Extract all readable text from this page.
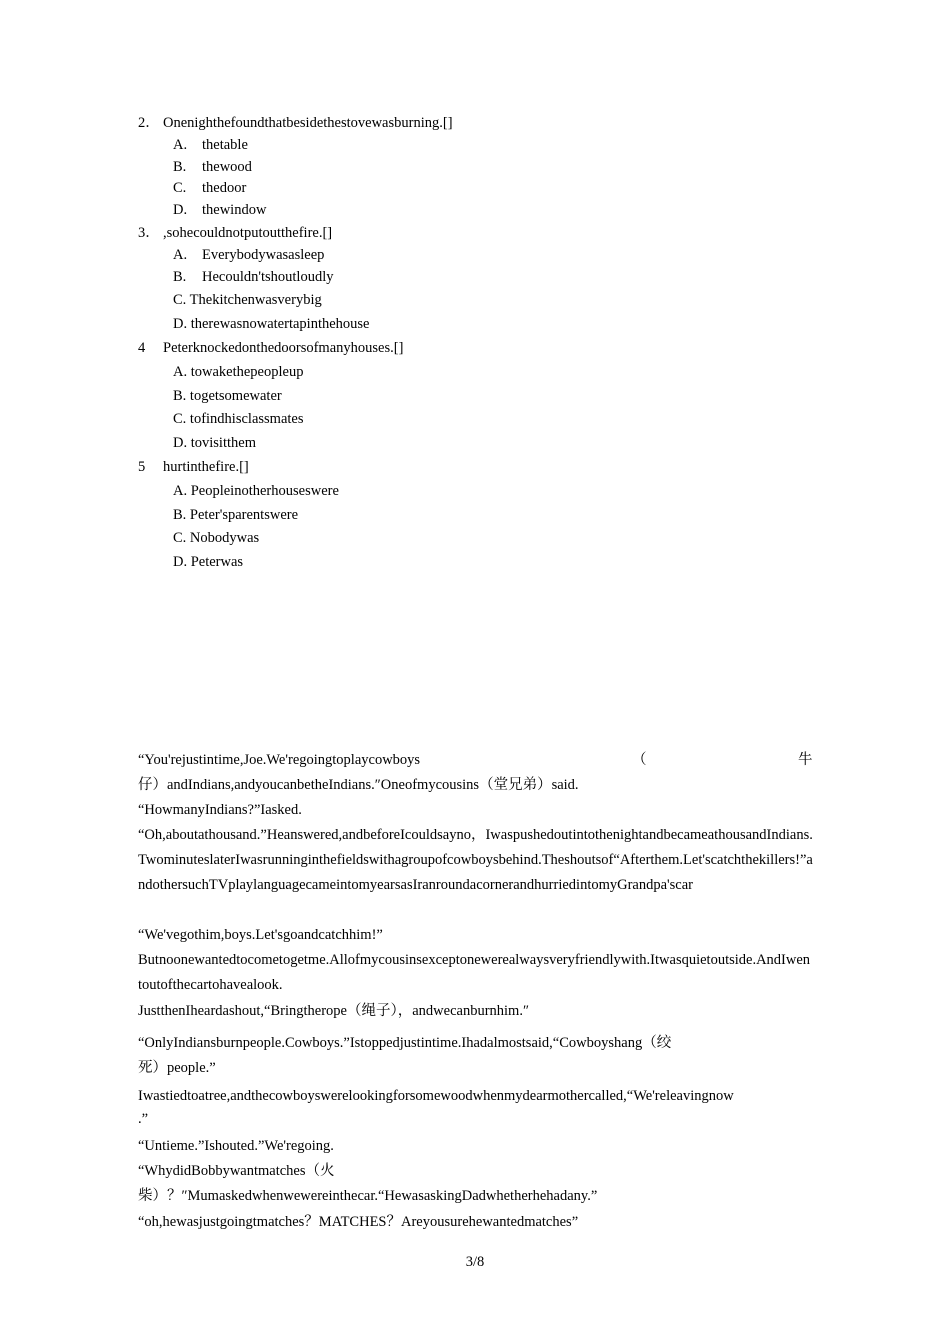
2． Onenighthefoundthatbesidethestovewasburning.[]
A. thetable
B. thewood
C. thedoor
D. thewindow
3． ,sohecouldnotputoutthefire.[]
A. Everybodywasasleep
B. Hecouldn'tshoutloudly
C. Thekitchenwasverybig
D. therewasnowatertapinthehouse
4 Peterknockedonthedoorsofmanyhouses.[]
A. towakethepeopleup
B. togetsomewater
C. tofindhisclassmates
D. tovisitthem
5 hurtinthefire.[]
A. Peopleinotherhouseswere
B. Peter'sparentswere
C. Nobodywas
D. Peterwas
“You'rejustintime,Joe.We'regoingtoplaycowboys	（	牛
仔）andIndians,andyoucanbetheIndians.″Oneofmycousins（堂兄弟）said.
“HowmanyIndians?”Iasked.
“Oh,aboutathousand.”Heanswered,andbeforeIcouldsayno，IwaspushedoutintothenightandbecameathousandIndians.TwominuteslaterIwasrunninginthefieldswithagroupofcowboysbehind.Theshoutsof“Afterthem.Let'scatchthekillers!”andothersuchTVplaylanguagecameintomyearsasIranroundacornerandhurriedintomyGrandpa'scar
“We'vegothim,boys.Let'sgoandcatchhim!”
Butnoonewantedtocometogetme.Allofmycousinsexceptonewerealwaysveryfriendlywith.Itwasquietoutside.AndIwentoutofthecartohavealook.
JustthenIheardashout,“Bringtherope（绳子），andwecanburnhim.″
“OnlyIndiansburnpeople.Cowboys.”Istoppedjustintime.Ihadalmostsaid,“Cowboyshang（绞
死）people.”
Iwastiedtoatree,andthecowboyswerelookingforsomewoodwhenmydearmothercalled,“We'releavingnow
.”
“Untieme.”Ishouted.”We'regoing.
“WhydidBobbywantmatches（火
柴）？″Mumaskedwhenwewereinthecar.“HewasaskingDadwhetherhehadany.”
“oh,hewasjustgoingtmatches？MATCHES？Areyousurehewantedmatches”
3/8
